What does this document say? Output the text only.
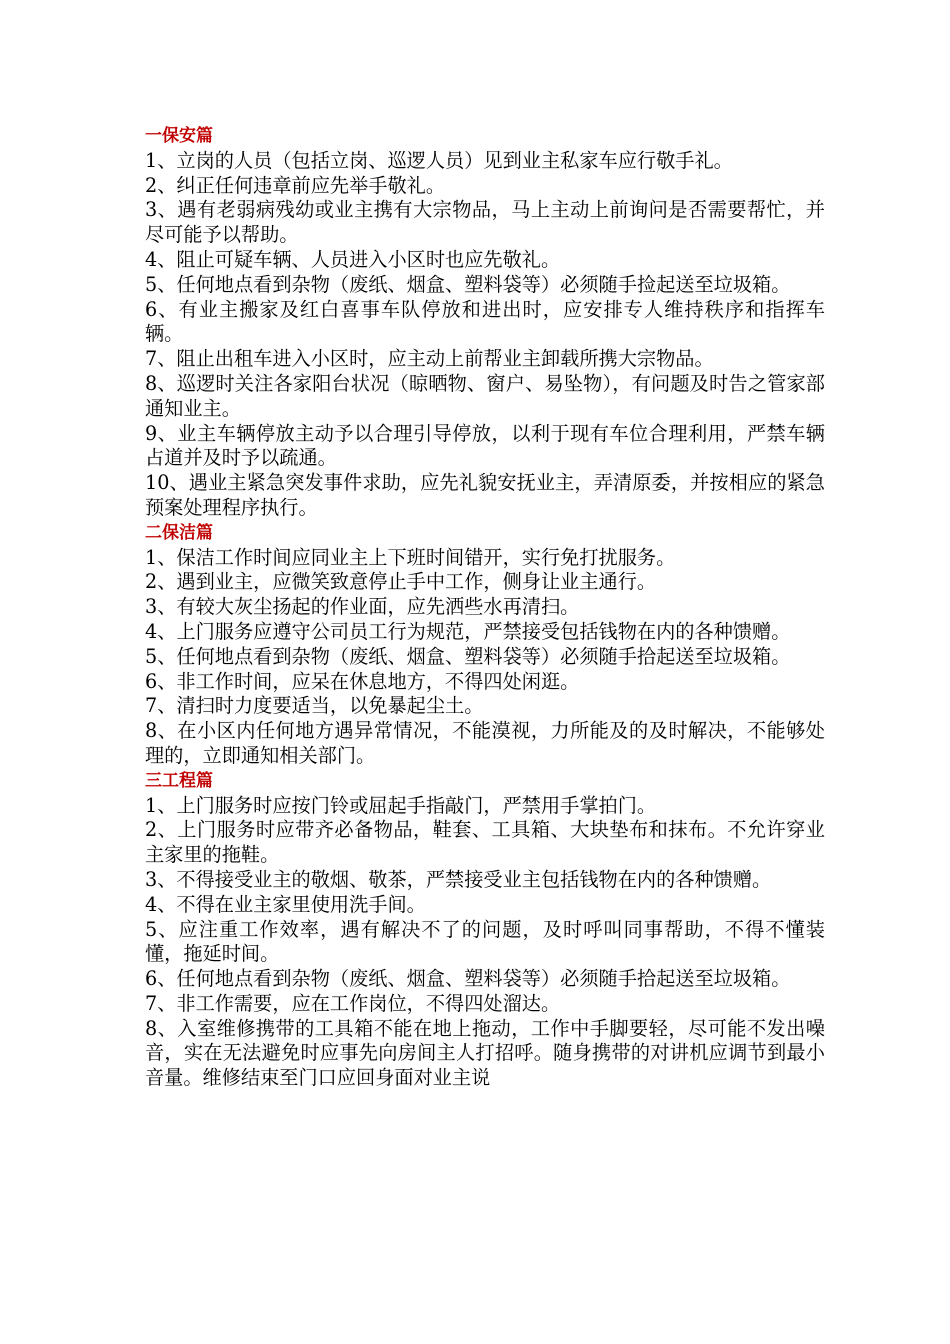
一保安篇

1、立岗的人员（包括立岗、巡逻人员）见到业主私家车应行敬手礼。

2、纠正任何违章前应先举手敬礼。

3、遇有老弱病残幼或业主携有大宗物品，马上主动上前询问是否需要帮忙，并尽可能予以帮助。

4、阻止可疑车辆、人员进入小区时也应先敬礼。

5、任何地点看到杂物（废纸、烟盒、塑料袋等）必须随手捡起送至垃圾箱。

6、有业主搬家及红白喜事车队停放和进出时，应安排专人维持秩序和指挥车辆。

7、阻止出租车进入小区时，应主动上前帮业主卸载所携大宗物品。

8、巡逻时关注各家阳台状况（晾晒物、窗户、易坠物），有问题及时告之管家部通知业主。

9、业主车辆停放主动予以合理引导停放，以利于现有车位合理利用，严禁车辆占道并及时予以疏通。

10、遇业主紧急突发事件求助，应先礼貌安抚业主，弄清原委，并按相应的紧急预案处理程序执行。

二保洁篇

1、保洁工作时间应同业主上下班时间错开，实行免打扰服务。

2、遇到业主，应微笑致意停止手中工作，侧身让业主通行。

3、有较大灰尘扬起的作业面，应先洒些水再清扫。

4、上门服务应遵守公司员工行为规范，严禁接受包括钱物在内的各种馈赠。

5、任何地点看到杂物（废纸、烟盒、塑料袋等）必须随手拾起送至垃圾箱。

6、非工作时间，应呆在休息地方，不得四处闲逛。

7、清扫时力度要适当，以免暴起尘土。

8、在小区内任何地方遇异常情况，不能漠视，力所能及的及时解决，不能够处理的，立即通知相关部门。

三工程篇

1、上门服务时应按门铃或屈起手指敲门，严禁用手掌拍门。

2、上门服务时应带齐必备物品，鞋套、工具箱、大块垫布和抹布。不允许穿业主家里的拖鞋。

3、不得接受业主的敬烟、敬茶，严禁接受业主包括钱物在内的各种馈赠。

4、不得在业主家里使用洗手间。

5、应注重工作效率，遇有解决不了的问题，及时呼叫同事帮助，不得不懂装懂，拖延时间。

6、任何地点看到杂物（废纸、烟盒、塑料袋等）必须随手拾起送至垃圾箱。

7、非工作需要，应在工作岗位，不得四处溜达。

8、入室维修携带的工具箱不能在地上拖动，工作中手脚要轻，尽可能不发出噪音，实在无法避免时应事先向房间主人打招呼。随身携带的对讲机应调节到最小音量。维修结束至门口应回身面对业主说
